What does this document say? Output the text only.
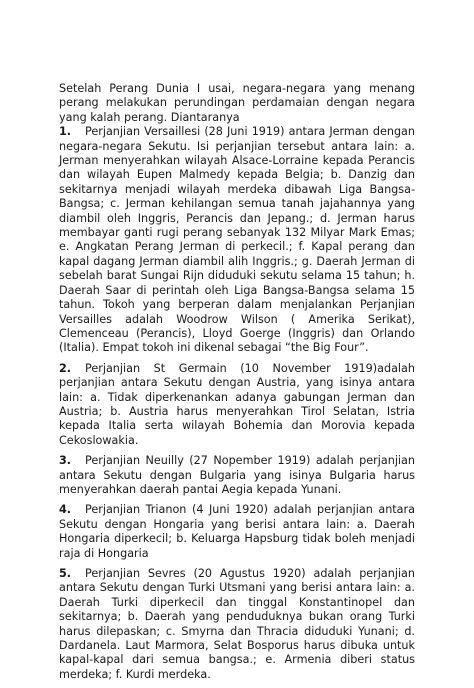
Setelah Perang Dunia I usai, negara-negara yang menang perang melakukan perundingan perdamaian dengan negara yang kalah perang. Diantaranya

1. Perjanjian Versaillesi (28 Juni 1919) antara Jerman dengan negara-negara Sekutu. Isi perjanjian tersebut antara lain: a. Jerman menyerahkan wilayah Alsace-Lorraine kepada Perancis dan wilayah Eupen Malmedy kepada Belgia; b. Danzig dan sekitarnya menjadi wilayah merdeka dibawah Liga Bangsa-Bangsa; c. Jerman kehilangan semua tanah jajahannya yang diambil oleh Inggris, Perancis dan Jepang.; d. Jerman harus membayar ganti rugi perang sebanyak 132 Milyar Mark Emas; e. Angkatan Perang Jerman di perkecil.; f. Kapal perang dan kapal dagang Jerman diambil alih Inggris.; g. Daerah Jerman di sebelah barat Sungai Rijn diduduki sekutu selama 15 tahun; h. Daerah Saar di perintah oleh Liga Bangsa-Bangsa selama 15 tahun. Tokoh yang berperan dalam menjalankan Perjanjian Versailles adalah Woodrow Wilson ( Amerika Serikat), Clemenceau (Perancis), Lloyd Goerge (Inggris) dan Orlando (Italia). Empat tokoh ini dikenal sebagai “the Big Four”.

2. Perjanjian St Germain (10 November 1919)adalah perjanjian antara Sekutu dengan Austria, yang isinya antara lain: a. Tidak diperkenankan adanya gabungan Jerman dan Austria; b. Austria harus menyerahkan Tirol Selatan, Istria kepada Italia serta wilayah Bohemia dan Morovia kepada Cekoslowakia.

3. Perjanjian Neuilly (27 Nopember 1919) adalah perjanjian antara Sekutu dengan Bulgaria yang isinya Bulgaria harus menyerahkan daerah pantai Aegia kepada Yunani.

4. Perjanjian Trianon (4 Juni 1920) adalah perjanjian antara Sekutu dengan Hongaria yang berisi antara lain: a. Daerah Hongaria diperkecil; b. Keluarga Hapsburg tidak boleh menjadi raja di Hongaria

5. Perjanjian Sevres (20 Agustus 1920) adalah perjanjian antara Sekutu dengan Turki Utsmani yang berisi antara lain: a. Daerah Turki diperkecil dan tinggal Konstantinopel dan sekitarnya; b. Daerah yang penduduknya bukan orang Turki harus dilepaskan; c. Smyrna dan Thracia diduduki Yunani; d. Dardanela. Laut Marmora, Selat Bosporus harus dibuka untuk kapal-kapal dari semua bangsa.; e. Armenia diberi status merdeka; f. Kurdi merdeka.
